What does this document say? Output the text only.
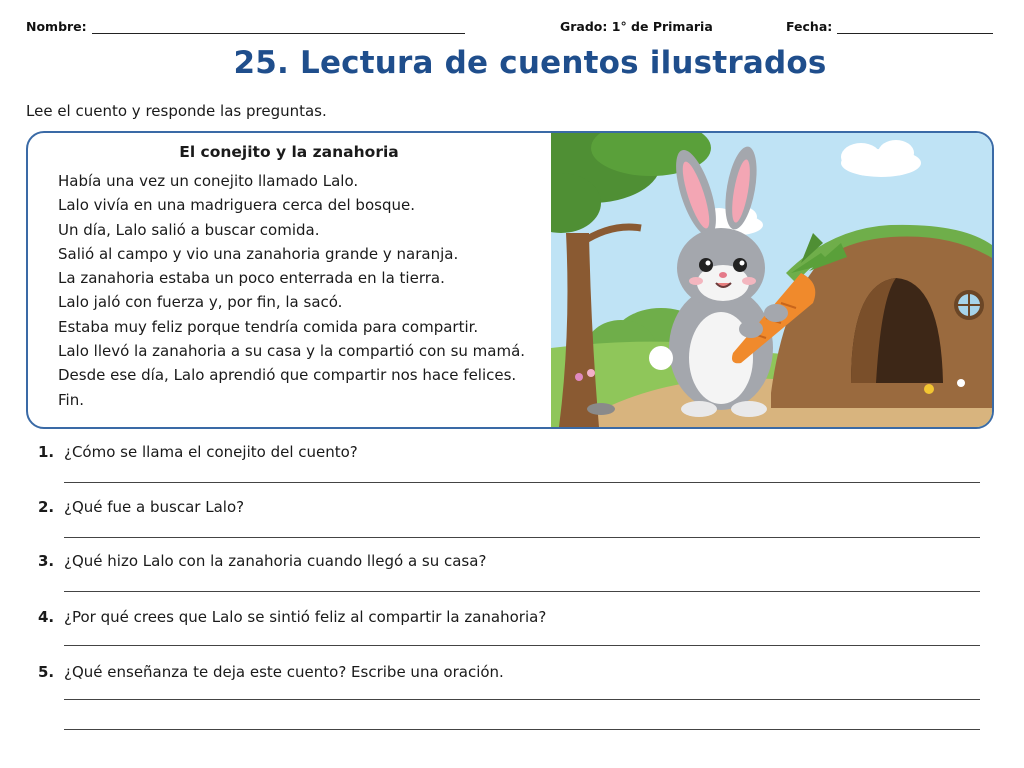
Nombre:	Grado: 1° de Primaria	Fecha:
25. Lectura de cuentos ilustrados
Lee el cuento y responde las preguntas.
El conejito y la zanahoria
Había una vez un conejito llamado Lalo.
Lalo vivía en una madriguera cerca del bosque.
Un día, Lalo salió a buscar comida.
Salió al campo y vio una zanahoria grande y naranja.
La zanahoria estaba un poco enterrada en la tierra.
Lalo jaló con fuerza y, por fin, la sacó.
Estaba muy feliz porque tendría comida para compartir.
Lalo llevó la zanahoria a su casa y la compartió con su mamá.
Desde ese día, Lalo aprendió que compartir nos hace felices.
Fin.
1. ¿Cómo se llama el conejito del cuento?
2. ¿Qué fue a buscar Lalo?
3. ¿Qué hizo Lalo con la zanahoria cuando llegó a su casa?
4. ¿Por qué crees que Lalo se sintió feliz al compartir la zanahoria?
5. ¿Qué enseñanza te deja este cuento? Escribe una oración.
